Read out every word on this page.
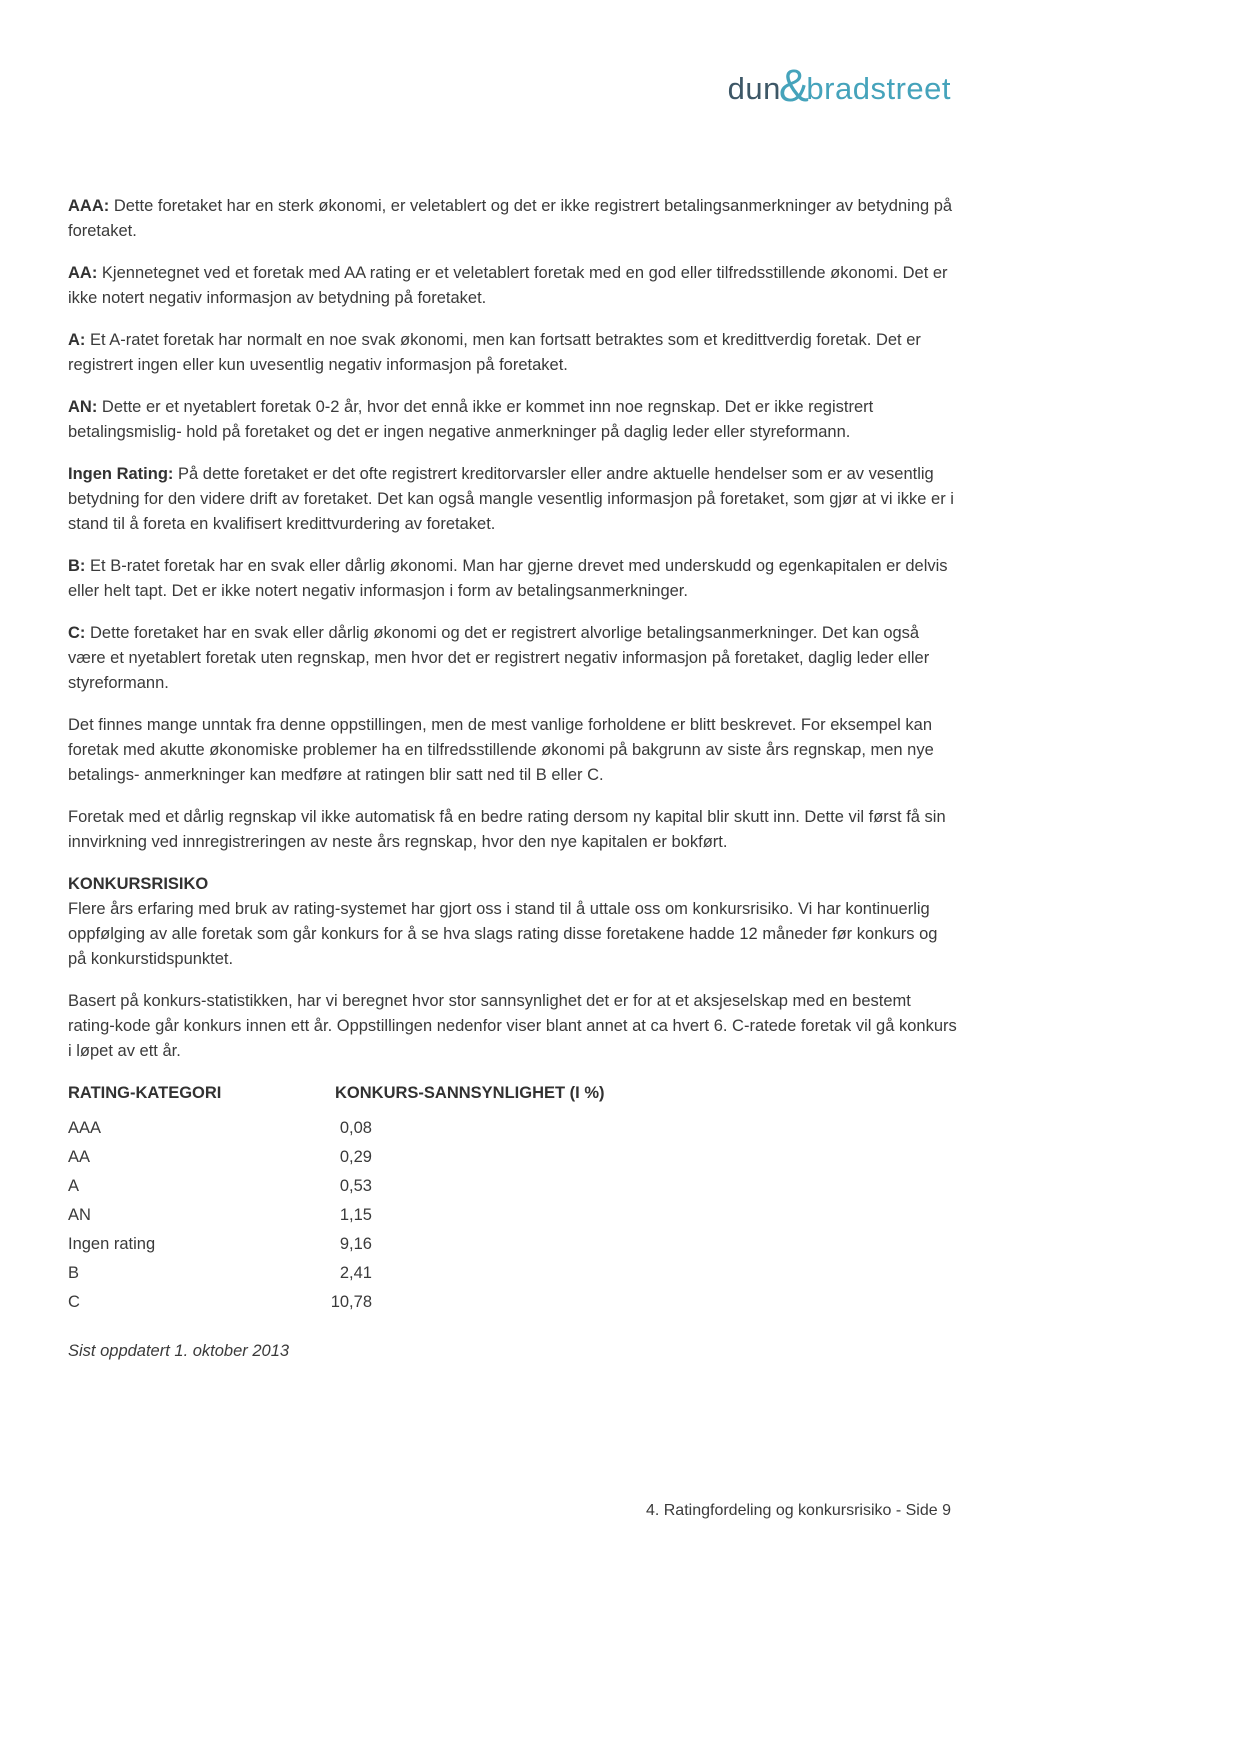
dun
&
bradstreet

AAA: Dette foretaket har en sterk økonomi, er veletablert og det er ikke registrert betalingsanmerkninger av betydning på foretaket.

AA: Kjennetegnet ved et foretak med AA rating er et veletablert foretak med en god eller tilfredsstillende økonomi. Det er ikke notert negativ informasjon av betydning på foretaket.

A: Et A-ratet foretak har normalt en noe svak økonomi, men kan fortsatt betraktes som et kredittverdig foretak. Det er registrert ingen eller kun uvesentlig negativ informasjon på foretaket.

AN: Dette er et nyetablert foretak 0-2 år, hvor det ennå ikke er kommet inn noe regnskap. Det er ikke registrert betalingsmislig- hold på foretaket og det er ingen negative anmerkninger på daglig leder eller styreformann.

Ingen Rating: På dette foretaket er det ofte registrert kreditorvarsler eller andre aktuelle hendelser som er av vesentlig betydning for den videre drift av foretaket. Det kan også mangle vesentlig informasjon på foretaket, som gjør at vi ikke er i stand til å foreta en kvalifisert kredittvurdering av foretaket.

B: Et B-ratet foretak har en svak eller dårlig økonomi. Man har gjerne drevet med underskudd og egenkapitalen er delvis eller helt tapt. Det er ikke notert negativ informasjon i form av betalingsanmerkninger.

C: Dette foretaket har en svak eller dårlig økonomi og det er registrert alvorlige betalingsanmerkninger. Det kan også være et nyetablert foretak uten regnskap, men hvor det er registrert negativ informasjon på foretaket, daglig leder eller styreformann.

Det finnes mange unntak fra denne oppstillingen, men de mest vanlige forholdene er blitt beskrevet. For eksempel kan foretak med akutte økonomiske problemer ha en tilfredsstillende økonomi på bakgrunn av siste års regnskap, men nye betalings- anmerkninger kan medføre at ratingen blir satt ned til B eller C.

Foretak med et dårlig regnskap vil ikke automatisk få en bedre rating dersom ny kapital blir skutt inn. Dette vil først få sin innvirkning ved innregistreringen av neste års regnskap, hvor den nye kapitalen er bokført.

KONKURSRISIKO
Flere års erfaring med bruk av rating-systemet har gjort oss i stand til å uttale oss om konkursrisiko. Vi har kontinuerlig oppfølging av alle foretak som går konkurs for å se hva slags rating disse foretakene hadde 12 måneder før konkurs og på konkurstidspunktet.

Basert på konkurs-statistikken, har vi beregnet hvor stor sannsynlighet det er for at et aksjeselskap med en bestemt rating-kode går konkurs innen ett år. Oppstillingen nedenfor viser blant annet at ca hvert 6. C-ratede foretak vil gå konkurs i løpet av ett år.

RATING-KATEGORI	KONKURS-SANNSYNLIGHET (I %)
AAA	0,08
AA	0,29
A	0,53
AN	1,15
Ingen rating	9,16
B	2,41
C	10,78

Sist oppdatert 1. oktober 2013

4. Ratingfordeling og konkursrisiko - Side 9
